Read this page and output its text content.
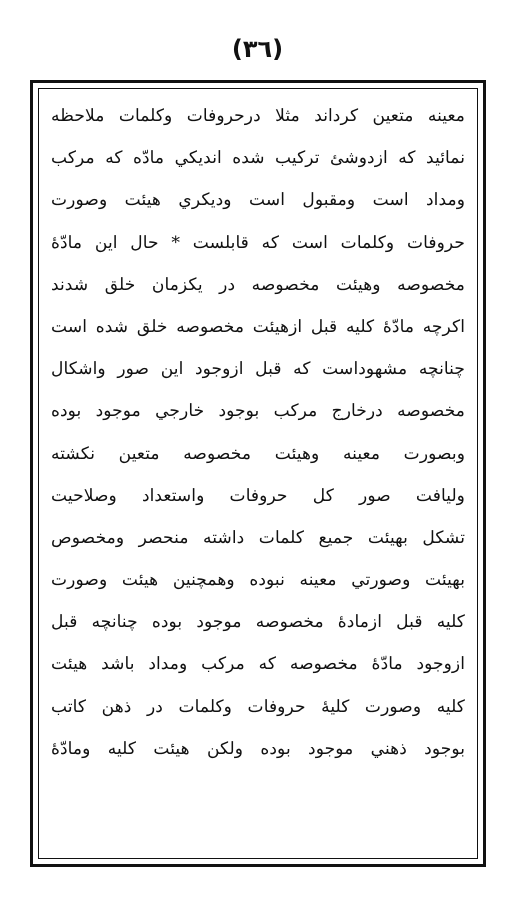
(٣٦)
معينه متعين كرداند مثلا درحروفات وكلمات ملاحظه
نمائيد كه ازدوشئ تركيب شده انديكي مادّه كه مركب
ومداد است ومقبول است وديكري هيئت وصورت
حروفات وكلمات است كه قابلست * حال اين مادّهٔ
مخصوصه وهيئت مخصوصه در يكزمان خلق شدند
اكرچه مادّهٔ كليه قبل ازهيئت مخصوصه خلق شده است
چنانچه مشهوداست كه قبل ازوجود اين صور واشكال
مخصوصه درخارج مركب بوجود خارجي موجود بوده
وبصورت معينه وهيئت مخصوصه متعين نكشته
وليافت صور كل حروفات واستعداد وصلاحيت
تشكل بهيئت جميع كلمات داشته منحصر ومخصوص
بهيئت وصورتي معينه نبوده وهمچنين هيئت وصورت
كليه قبل ازمادهٔ مخصوصه موجود بوده چنانچه قبل
ازوجود مادّهٔ مخصوصه كه مركب ومداد باشد هيئت
كليه وصورت كليهٔ حروفات وكلمات در ذهن كاتب
بوجود ذهني موجود بوده ولكن هيئت كليه ومادّهٔ
